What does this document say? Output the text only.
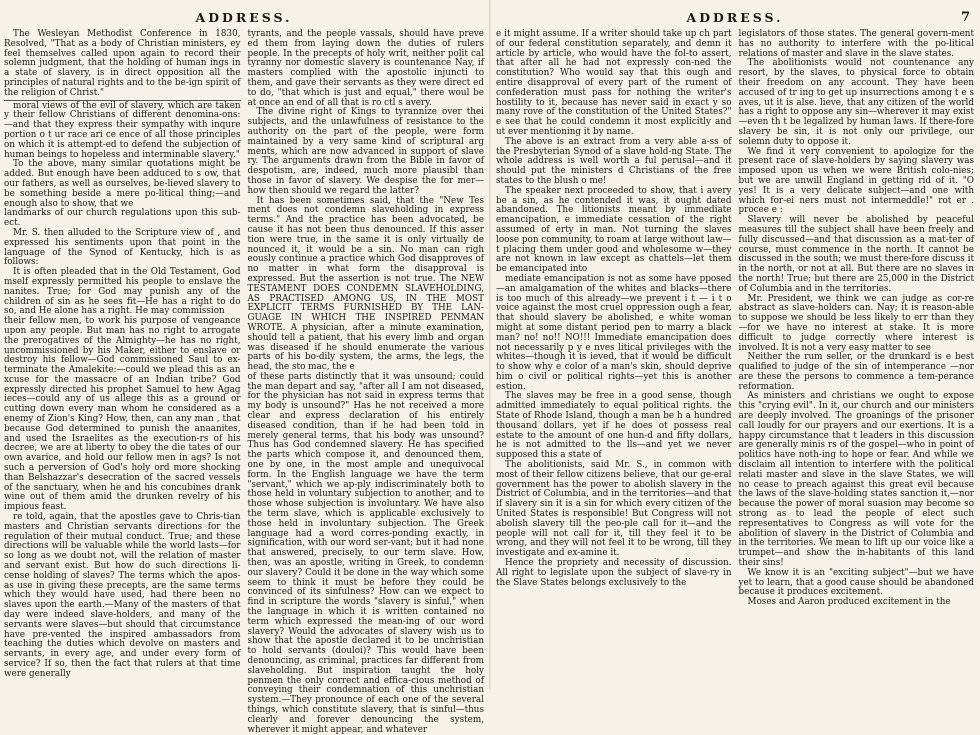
ADDRESS.

The Wesleyan Methodist Conference in 1830, Resolved, "That as a body of Christian ministers, ey feel themselves called upon again to record their solemn judgment, that the holding of human ings in a state of slavery, is in direct opposition all the principles of natural rights and to the be-ign spirit of the religion of Christ."

moral views of the evil of slavery, which are taken y their fellow Christians of different denomina-ons:—and that they express their sympathy with inqure portion o t ur race ari ce ence of all those principles on which it is attempt-ed to defend the subjection of human beings to hopeless and interminable slavery."

To the above, many similar quotations might be added. But enough have been adduced to s ow, that our fathers, as well as ourselves, be-lieved slavery to be something beside a mere po-litical thing;—and enough also to show, that we

landmarks of our church regulations upon this sub-ect.

Mr. S. then alluded to the Scripture view of , and expressed his sentiments upon that point in the language of the Synod of Kentucky, hich is as follows:

It is often pleaded that in the Old Testament, God mself expressly permitted his people to enslave the nanites. True; for God may punish any of the children of sin as he sees fit—He has a right to do so, and He alone has a right. He may commission

their fellow men, to work his purpose of vengeance upon any people. But man has no right to arrogate the prerogatives of the Almighty—he has no right, uncommissioned by his Maker, either to enslave or destroy his fellow—God commissioned Saul to ex-terminate the Amalekite:—could we plead this as an xcuse for the massacre of an Indian tribe? God expressly directed his prophet Samuel to hew Agag ieces—could any of us allege this as a ground or cutting down every man whom he considered as a enemy of Zion's King? How, then, can any man , that because God determined to punish the anaanites, and used the Israelites as the execution-rs of his decree, we are at liberty to obey the die tates of our own avarice, and hold our fellow men in ags? Is not such a perversion of God's holy ord more shocking than Belshazzar's desecration of the sacred vessels of the sanctuary, when he and his concubines drank wine out of them amid the drunken revelry of his impious feast.

re told, again, that the apostles gave to Chris-tian masters and Christian servants directions for the regulation of their mutual conduct. True; and these directions will be valuable while the world lasts—for so long as we doubt not, will the relation of master and servant exist. But how do such directions li-cense holding of slaves? The terms which the apos-as use in giving these precepts, are the same terms which they would have used, had there been no slaves upon the earth.—Many of the masters of that day were indeed slave-holders, and many of the servants were slaves—but should that circumstance have pre-vented the inspired ambassadors from teaching the duties which devolve on masters and servants, in every age, and under every form of service? If so, then the fact that rulers at that time were generally

tyrants, and the people vassals, should have preve ed them from laying down the duties of rulers people. In the precepts of holy writ, neither polit cal tyranny nor domestic slavery is countenance Nay, if masters complied with the apostolic injuncti to them, and gave their servants as they were direct ed to do, "that which is just and equal," there woul be at once an end of all that is ro ctl s avery.

The divine right of Kings to tyrannize over thei subjects, and the unlawfulness of resistance to the authority on the part of the people, were form maintained by a very same kind of scriptural arg ments, which are now advanced in support of slave ry. The arguments drawn from the Bible in favor of despotism, are, indeed, much more plausibl than those in favor of slavery. We despise the for mer—how then should we regard the latter?

It has been sometimes said, that the "New Tes ment does not condemn slaveholding in express terms." And the practice has been advocated, be cause it has not been thus denounced. If this asser tion were true, in the same it is only virtually de nounced it, it would be a sin. No man can righ eously continue a practice which God disapproves of no matter in what form the disapproval is expressed. But the assertion is not true. The NEW TESTAMENT DOES CONDEMN SLAVEHOLDING, AS PRACTISED AMONG US, IN THE MOST EXPLICIT TERMS FURNISHED BY THE LAN-GUAGE IN WHICH THE INSPIRED PENMAN WROTE. A physician, after a minute examination, should tell a patient, that his every limb and organ was diseased if he should enumerate the various parts of his bo-dily system, the arms, the legs, the head, the sto mac, the e

of these parts distinctly that it was unsound; could the man depart and say, "after all I am not diseased, for the physician has not said in express terms that my body is unsound?" Has he not received a more clear and express declaration of his entirely diseased condition, than if he had been told in merely general terms, that his body was unsound? Thus has God condemned slavery. He has specified the parts which compose it, and denounced them, one by one, in the most ample and unequivocal form. In the English language we have the term "servant," which we ap-ply indiscriminately both to those held in voluntary subjection to another, and to those whose subjection is involuntary. We have also the term slave, which is applicable exclusively to those held in involuntary subjection. The Greek language had a word corres-ponding exactly, in signification, with our word ser-vant; but it had none that answered, precisely, to our term slave. How, then, was an apostle, writing in Greek, to condemn our slavery? Could it be done in the way which some seem to think it must be before they could be convinced of its sinfulness? How can we expect to find in scripture the words "slavery is sinful," when the language in which it is written contained no term which expressed the mean-ing of our word slavery? Would the advocates of slavery wish us to show that the apostle declared it to be unchristian to hold servants (douloi)? This would have been denouncing, as criminal, practices far different from slaveholding. But inspiration taught the holy penmen the only correct and effica-cious method of conveying their condemnation of this unchristian system.—They pronounce of each one of the several things, which constitute slavery, that is sinful—thus clearly and forever denouncing the system, wherever it might appear, and whatever

ADDRESS.	7

e it might assume. If a writer should take up ch part of our federal constitution separately, and demn it article by article, who would have the fol-to assert, that after all he had not expressly con-ned the constitution? Who would say that this ough and entire disapproval of every part of the rument of confederation must pass for nothing the writer's hostility to it, because has never said in exact y so many rove of the constitution of the United States?" e see that he could condemn it most explicitly and ut ever mentioning it by name.

The above is an extract from a very able a-ss of the Presbyterian Synod of a slave hold-ng State. The whole address is well worth a ful perusal—and it should put the ministers d Christians of the free states to the blush o me!

The speaker next proceeded to show, that i avery be a sin, as he contended it was, it ought dated abandoned. The litionists meant by immediate emancipation, e immediate cessation of the right assumed of erty in man. Not turning the slaves loose pon community, to roam at large without law—t placing them under good and wholesome w—they are not known in law except as chattels—let them be emancipated into

mediate emancipation is not as some have pposed—an amalgamation of the whites and blacks—there is too much of this already—we prevent i t — i t o voice against the most cruel oppression ough a fear, that should slavery be abolished, e white woman might at some distant period pen to marry a black man? no! no!! NO!!! Immediate emancipation does not necessarily p y e nves litical privileges with the whites—though it is ieved, that it would be difficult to show why e color of a man's skin, should deprive him o civil or political rights—yet this is another estion.

The slaves may be free in a good sense, though admitted immediately to equal political rights. the State of Rhode Island, though a man be h a hundred thousand dollars, yet if he does ot possess real estate to the amount of one hun-d and fifty dollars, he is not admitted to the lls—and yet we never supposed this a state of

The abolitionists, said Mr. S., in common with most of their fellow citizens believe, that our ge-eral government has the power to abolish slavery in the District of Columbia, and in the territories—and that if slavery sin it is a sin for which every citizen of the United States is responsible! But Congress will not abolish slavery till the peo-ple call for it—and the people will not call for it, till they feel it to be wrong, and they will not feel it to be wrong, till they investigate and ex-amine it.

Hence the propriety and necessity of discussion. All right to legislate upon the subject of slave-ry in the Slave States belongs exclusively to the

legislators of those states. The general govern-ment has no authority to interfere with the po-litical relations of master and slave in the slave states.

The abolitionists would not countenance any resort, by the slaves, to physical force to obtain their freedom on any account. They have been accused of tr ing to get up insurrections among t e s aves, ut it is alse. lieve, that any citizen of the world has a right to oppose any sin—wherever it may exist—even th t be legalized by human laws. If there-fore slavery be sin, it is not only our privilege, our solemn duty to oppose it.

We find it very convenient to apologize for the present race of slave-holders by saying slavery was imposed upon us when we were British colo-nies; but we are unwill England in getting rid of it. "O yes! It is a very delicate subject—and one with which for-ei ners must not intermeddle!" rot er . procee e :

Slavery will never be abolished by peaceful measures till the subject shall have been freely and fully discussed—and that discussion as a mat-ter of course, must commence in the north. It cannot be discussed in the south; we must there-fore discuss it in the north, or not at all. But there are no slaves in the north! True; but there are 25,000 in the District of Columbia and in the territories.

Mr. President, we think we can judge as cor-re abstract as slave-holders can. Nay; it is reason-able to suppose we should be less likely to err than they—for we have no interest at stake. It is more difficult to judge correctly where interest is involved. It is not a very easy matter to see

Neither the rum seller, or the drunkard is e best qualified to judge of the sin of intemperance —nor are these the persons to commence a tem-perance reformation.

As ministers and christians we ought to expose this "crying evil". In it, our church and our ministers are deeply involved. The groanings of the prisoner call loudly for our prayers and our exertions. It is a happy circumstance that t leaders in this discussion are generally minis rs of the gospel—who in point of politics have noth-ing to hope or fear. And while we disclaim all intention to interfere with the political relati master and slave in the slave States, we will no cease to preach against this great evil because the laws of the slave-holding states sanction it,—nor because the power of moral suasion may become so strong as to lead the people of elect such representatives to Congress as will vote for the abolition of slavery in the District of Columbia and in the territories. We mean to lift up our voice like a trumpet—and show the in-habitants of this land their sins!

We know it is an "exciting subject"—but we have yet to learn, that a good cause should be abandoned because it produces excitement.

Moses and Aaron produced excitement in the
